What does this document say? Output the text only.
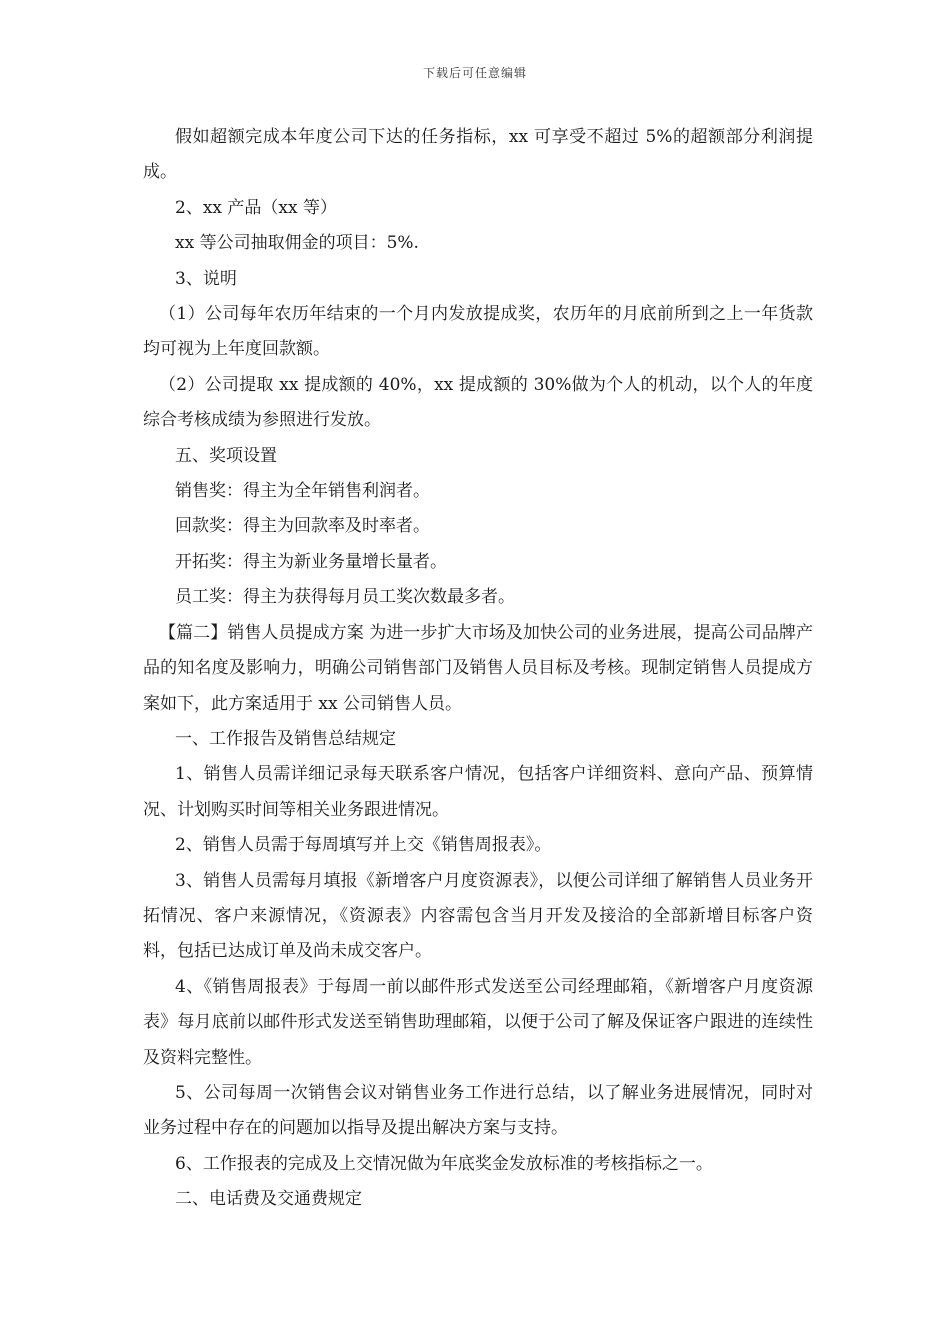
下载后可任意编辑

假如超额完成本年度公司下达的任务指标，xx 可享受不超过 5%的超额部分利润提成。

2、xx 产品（xx 等）

xx 等公司抽取佣金的项目：5%.

3、说明

（1）公司每年农历年结束的一个月内发放提成奖，农历年的月底前所到之上一年货款均可视为上年度回款额。

（2）公司提取 xx 提成额的 40%，xx 提成额的 30%做为个人的机动，以个人的年度综合考核成绩为参照进行发放。

五、奖项设置

销售奖：得主为全年销售利润者。

回款奖：得主为回款率及时率者。

开拓奖：得主为新业务量增长量者。

员工奖：得主为获得每月员工奖次数最多者。

【篇二】销售人员提成方案 为进一步扩大市场及加快公司的业务进展，提高公司品牌产品的知名度及影响力，明确公司销售部门及销售人员目标及考核。现制定销售人员提成方案如下，此方案适用于 xx 公司销售人员。

一、工作报告及销售总结规定

1、销售人员需详细记录每天联系客户情况，包括客户详细资料、意向产品、预算情况、计划购买时间等相关业务跟进情况。

2、销售人员需于每周填写并上交《销售周报表》。

3、销售人员需每月填报《新增客户月度资源表》，以便公司详细了解销售人员业务开拓情况、客户来源情况，《资源表》内容需包含当月开发及接洽的全部新增目标客户资料，包括已达成订单及尚未成交客户。

4、《销售周报表》于每周一前以邮件形式发送至公司经理邮箱，《新增客户月度资源表》每月底前以邮件形式发送至销售助理邮箱，以便于公司了解及保证客户跟进的连续性及资料完整性。

5、公司每周一次销售会议对销售业务工作进行总结，以了解业务进展情况，同时对业务过程中存在的问题加以指导及提出解决方案与支持。

6、工作报表的完成及上交情况做为年底奖金发放标准的考核指标之一。

二、电话费及交通费规定
